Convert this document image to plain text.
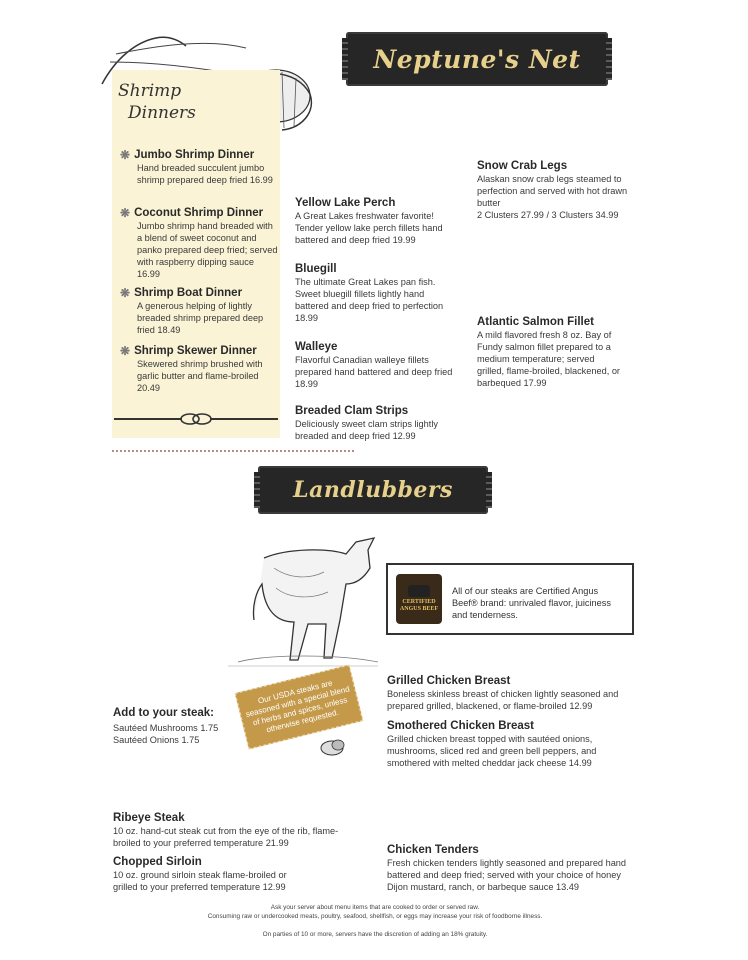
Neptune's Net
Shrimp
Dinners
❋ Jumbo Shrimp Dinner
Hand breaded succulent jumbo shrimp prepared deep fried 16.99
❋ Coconut Shrimp Dinner
Jumbo shrimp hand breaded with a blend of sweet coconut and panko prepared deep fried; served with raspberry dipping sauce 16.99
❋ Shrimp Boat Dinner
A generous helping of lightly breaded shrimp prepared deep fried 18.49
❋ Shrimp Skewer Dinner
Skewered shrimp brushed with garlic butter and flame-broiled 20.49
Yellow Lake Perch
A Great Lakes freshwater favorite! Tender yellow lake perch fillets hand battered and deep fried 19.99
Bluegill
The ultimate Great Lakes pan fish. Sweet bluegill fillets lightly hand battered and deep fried to perfection 18.99
Walleye
Flavorful Canadian walleye fillets prepared hand battered and deep fried 18.99
Breaded Clam Strips
Deliciously sweet clam strips lightly breaded and deep fried 12.99
Snow Crab Legs
Alaskan snow crab legs steamed to perfection and served with hot drawn butter
2 Clusters 27.99 / 3 Clusters 34.99
Atlantic Salmon Fillet
A mild flavored fresh 8 oz. Bay of Fundy salmon fillet prepared to a medium temperature; served grilled, flame-broiled, blackened, or barbequed 17.99
Landlubbers
CERTIFIED
ANGUS BEEF
All of our steaks are Certified Angus Beef® brand: unrivaled flavor, juiciness and tenderness.
Our USDA steaks are seasoned with a special blend of herbs and spices, unless otherwise requested.
Add to your steak:
Sautéed Mushrooms 1.75
Sautéed Onions 1.75
Grilled Chicken Breast
Boneless skinless breast of chicken lightly seasoned and prepared grilled, blackened, or flame-broiled 12.99
Smothered Chicken Breast
Grilled chicken breast topped with sautéed onions, mushrooms, sliced red and green bell peppers, and smothered with melted cheddar jack cheese 14.99
Ribeye Steak
10 oz. hand-cut steak cut from the eye of the rib, flame-broiled to your preferred temperature 21.99
Chopped Sirloin
10 oz. ground sirloin steak flame-broiled or grilled to your preferred temperature 12.99
Chicken Tenders
Fresh chicken tenders lightly seasoned and prepared hand battered and deep fried; served with your choice of honey Dijon mustard, ranch, or barbeque sauce 13.49
Ask your server about menu items that are cooked to order or served raw.
Consuming raw or undercooked meats, poultry, seafood, shellfish, or eggs may increase your risk of foodborne illness.
On parties of 10 or more, servers have the discretion of adding an 18% gratuity.
